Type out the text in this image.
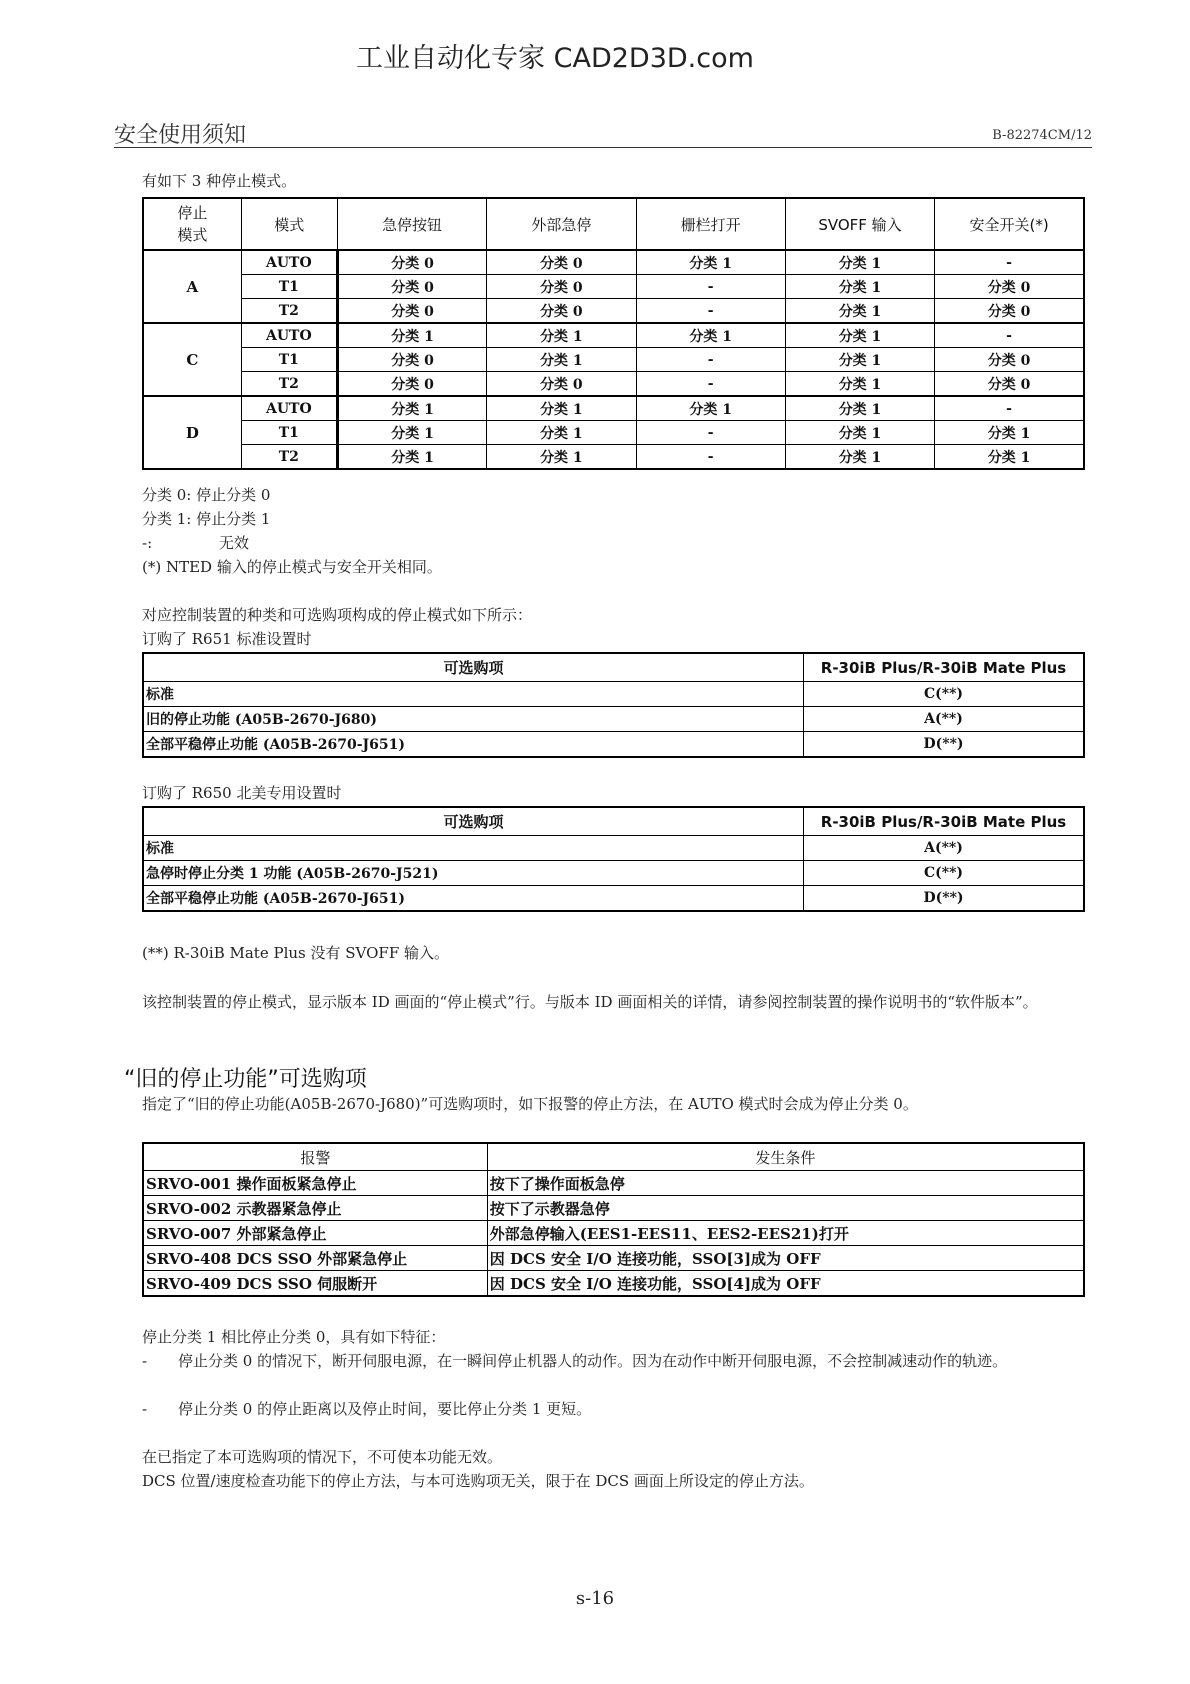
工业自动化专家 CAD2D3D.com
安全使用须知	B-82274CM/12
有如下 3 种停止模式。
停止
模式	模式	急停按钮	外部急停	栅栏打开	SVOFF 输入	安全开关(*)
A	AUTO	分类 0	分类 0	分类 1	分类 1	-
	T1	分类 0	分类 0	-	分类 1	分类 0
	T2	分类 0	分类 0	-	分类 1	分类 0
C	AUTO	分类 1	分类 1	分类 1	分类 1	-
	T1	分类 0	分类 1	-	分类 1	分类 0
	T2	分类 0	分类 0	-	分类 1	分类 0
D	AUTO	分类 1	分类 1	分类 1	分类 1	-
	T1	分类 1	分类 1	-	分类 1	分类 1
	T2	分类 1	分类 1	-	分类 1	分类 1
分类 0: 停止分类 0
分类 1: 停止分类 1
-:              无效
(*) NTED 输入的停止模式与安全开关相同。
对应控制装置的种类和可选购项构成的停止模式如下所示：
订购了 R651 标准设置时
可选购项	R-30iB Plus/R-30iB Mate Plus
标准	C(**)
旧的停止功能 (A05B-2670-J680)	A(**)
全部平稳停止功能 (A05B-2670-J651)	D(**)
订购了 R650 北美专用设置时
可选购项	R-30iB Plus/R-30iB Mate Plus
标准	A(**)
急停时停止分类 1 功能 (A05B-2670-J521)	C(**)
全部平稳停止功能 (A05B-2670-J651)	D(**)
(**) R-30iB Mate Plus 没有 SVOFF 输入。
该控制装置的停止模式，显示版本 ID 画面的“停止模式”行。与版本 ID 画面相关的详情，请参阅控制装置的操作说明书的“软件版本”。
“旧的停止功能”可选购项
指定了“旧的停止功能(A05B-2670-J680)”可选购项时，如下报警的停止方法，在 AUTO 模式时会成为停止分类 0。
报警	发生条件
SRVO-001 操作面板紧急停止	按下了操作面板急停
SRVO-002 示教器紧急停止	按下了示教器急停
SRVO-007 外部紧急停止	外部急停输入(EES1-EES11、EES2-EES21)打开
SRVO-408 DCS SSO 外部紧急停止	因 DCS 安全 I/O 连接功能，SSO[3]成为 OFF
SRVO-409 DCS SSO 伺服断开	因 DCS 安全 I/O 连接功能，SSO[4]成为 OFF
停止分类 1 相比停止分类 0，具有如下特征：
- 停止分类 0 的情况下，断开伺服电源，在一瞬间停止机器人的动作。因为在动作中断开伺服电源，不会控制减速动作的轨迹。
- 停止分类 0 的停止距离以及停止时间，要比停止分类 1 更短。
在已指定了本可选购项的情况下，不可使本功能无效。
DCS 位置/速度检查功能下的停止方法，与本可选购项无关，限于在 DCS 画面上所设定的停止方法。
s-16
